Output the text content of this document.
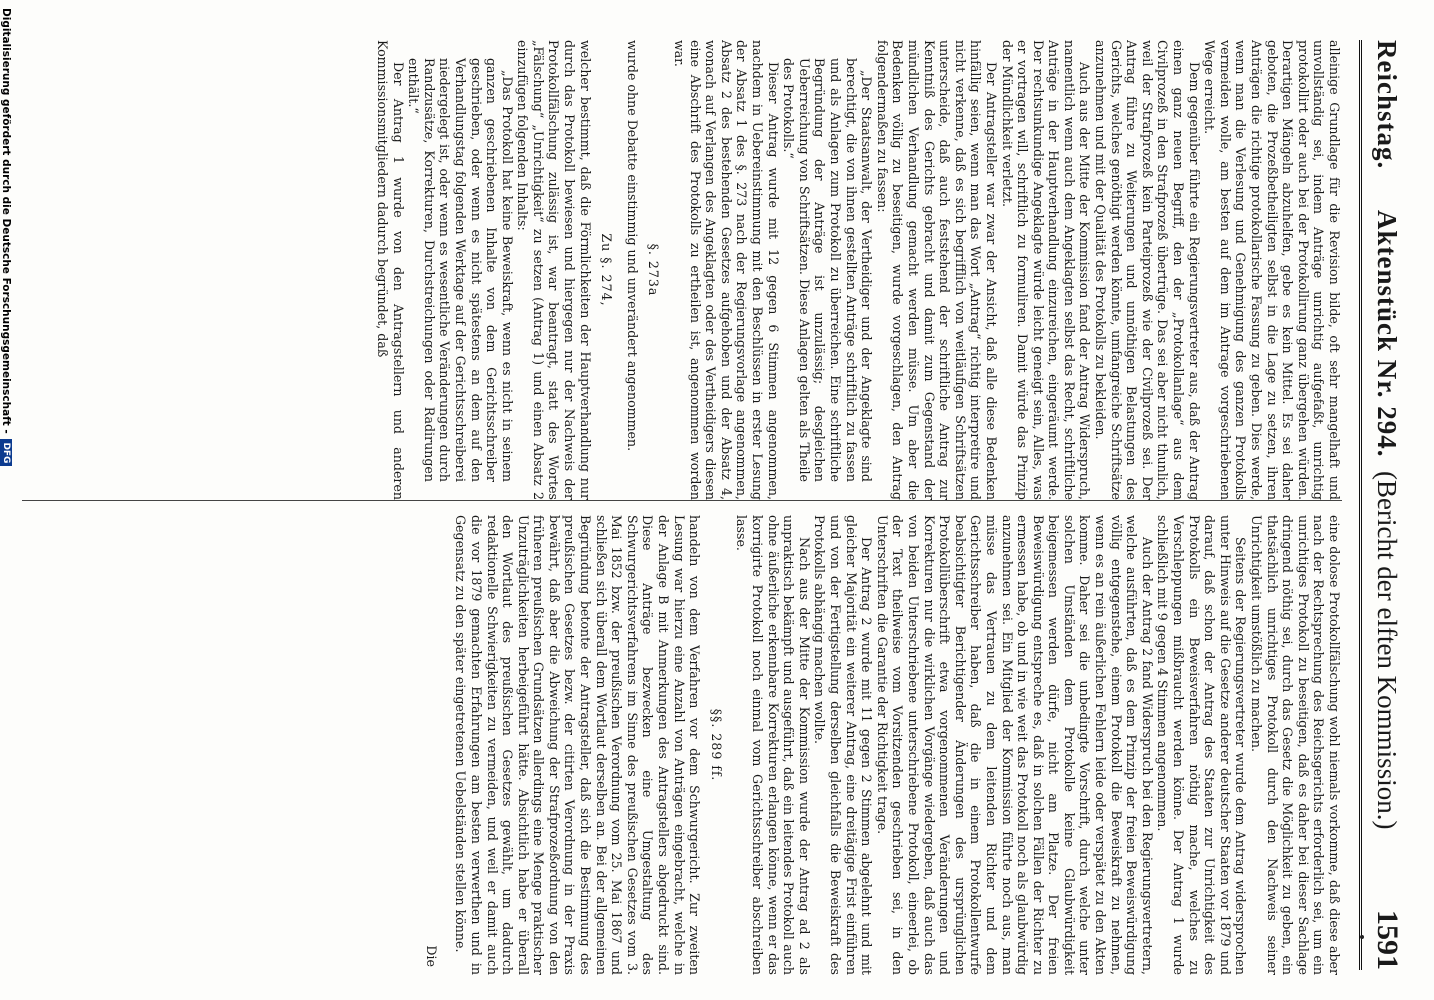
Reichstag.
Aktenstück Nr. 294.  (Bericht der elften Kommission.)
1591

alleinige Grundlage für die Revision bilde, oft sehr mangelhaft und unvollständig sei, indem Anträge unrichtig aufgefaßt, unrichtig protokollirt oder auch bei der Protokollirung ganz übergehen würden. Derartigen Mängeln abzuhelfen, gebe es kein Mittel. Es sei daher geboten, die Prozeßbetheiligten selbst in die Lage zu setzen, ihren Anträgen die richtige protokollarische Fassung zu geben. Dies werde, wenn man die Verlesung und Genehmigung des ganzen Protokolls vermeiden wolle, am besten auf dem im Antrage vorgeschriebenen Wege erreicht.

Dem gegenüber führte ein Regierungsvertreter aus, daß der Antrag einen ganz neuen Begriff, den der „Protokollanlage“ aus dem Civilprozeß in den Strafprozeß übertrüge. Das sei aber nicht thunlich, weil der Strafprozeß kein Parteiprozeß wie der Civilprozeß sei. Der Antrag führe zu Weiterungen und unnöthigen Belastungen des Gerichts, welches genöthigt werden könnte, umfangreiche Schriftsätze anzunehmen und mit der Qualität des Protokolls zu bekleiden.

Auch aus der Mitte der Kommission fand der Antrag Widerspruch, namentlich wenn auch dem Angeklagten selbst das Recht, schriftliche Anträge in der Hauptverhandlung einzureichen, eingeräumt werde. Der rechtsunkundige Angeklagte würde leicht geneigt sein, Alles, was er vortragen will, schriftlich zu formuliren. Damit würde das Prinzip der Mündlichkeit verletzt.

Der Antragsteller war zwar der Ansicht, daß alle diese Bedenken hinfällig seien, wenn man das Wort „Antrag“ richtig interpretire und nicht verkenne, daß es sich begrifflich von weitläufigen Schriftsätzen unterscheide, daß auch feststehend der schriftliche Antrag zur Kenntniß des Gerichts gebracht und damit zum Gegenstand der mündlichen Verhandlung gemacht werden müsse. Um aber die Bedenken völlig zu beseitigen, wurde vorgeschlagen, den Antrag folgendermaßen zu fassen:

„Der Staatsanwalt, der Vertheidiger und der Angeklagte sind berechtigt, die von ihnen gestellten Anträge schriftlich zu fassen und als Anlagen zum Protokoll zu überreichen. Eine schriftliche Begründung der Anträge ist unzulässig; desgleichen Ueberreichung von Schriftsätzen. Diese Anlagen gelten als Theile des Protokolls.“

Dieser Antrag wurde mit 12 gegen 6 Stimmen angenommen, nachdem in Uebereinstimmung mit den Beschlüssen in erster Lesung der Absatz 1 des §. 273 nach der Regierungsvorlage angenommen, Absatz 2 des bestehenden Gesetzes aufgehoben und der Absatz 4, wonach auf Verlangen des Angeklagten oder des Vertheidigers diesen eine Abschrift des Protokolls zu ertheilen ist, angenommen worden war.

§. 273a

wurde ohne Debatte einstimmig und unverändert angenommen.

Zu §. 274,

welcher bestimmt, daß die Förmlichkeiten der Hauptverhandlung nur durch das Protokoll bewiesen und hiergegen nur der Nachweis der Protokollfälschung zulässig ist, war beantragt, statt des Wortes „Fälschung“ „Unrichtigkeit“ zu setzen (Antrag 1) und einen Absatz 2 einzufügen folgenden Inhalts:

„Das Protokoll hat keine Beweiskraft, wenn es nicht in seinem ganzen geschriebenen Inhalte von dem Gerichtsschreiber geschrieben, oder wenn es nicht spätestens an dem auf den Verhandlungstag folgenden Werktage auf der Gerichtsschreiberei niedergelegt ist, oder wenn es wesentliche Veränderungen durch Randzusätze, Korrekturen, Durchstreichungen oder Radirungen enthält.“

Der Antrag 1 wurde von den Antragstellern und anderen Kommissionsmitgliedern dadurch begründet, daß

eine dolose Protokollfälschung wohl niemals vorkomme, daß diese aber nach der Rechtsprechung des Reichsgerichts erforderlich sei, um ein unrichtiges Protokoll zu beseitigen, daß es daher bei dieser Sachlage dringend nöthig sei, durch das Gesetz die Möglichkeit zu geben, ein thatsächlich unrichtiges Protokoll durch den Nachweis seiner Unrichtigkeit umstößlich zu machen.

Seitens der Regierungsvertreter wurde dem Antrag widersprochen unter Hinweis auf die Gesetze anderer deutscher Staaten vor 1879 und darauf, daß schon der Antrag des Staaten zur Unrichtigkeit des Protokolls ein Beweisverfahren nöthig mache, welches zu Verschleppungen mißbraucht werden könne. Der Antrag 1 wurde schließlich mit 9 gegen 4 Stimmen angenommen.

Auch der Antrag 2 fand Widerspruch bei den Regierungsvertretern, welche ausführten, daß es dem Prinzip der freien Beweiswürdigung völlig entgegenstehe, einem Protokoll die Beweiskraft zu nehmen, wenn es an rein äußerlichen Fehlern leide oder verspätet zu den Akten komme. Daher sei die unbedingte Vorschrift, durch welche unter solchen Umständen dem Protokolle keine Glaubwürdigkeit beigemessen werden dürfe, nicht am Platze. Der freien Beweiswürdigung entspreche es, daß in solchen Fällen der Richter zu ermessen habe, ob und in wie weit das Protokoll noch als glaubwürdig anzunehmen sei. Ein Mitglied der Kommission führte noch aus, man müsse das Vertrauen zu dem leitenden Richter und dem Gerichtsschreiber haben, daß die in einem Protokollentwurfe beabsichtigter Berichtigender Änderungen des ursprünglichen Protokollüberschrift etwa vorgenommenen Veränderungen und Korrekturen nur die wirklichen Vorgänge wiedergeben, daß auch das von beiden Unterschriebene unterschriebene Protokoll, eineerlei, ob der Text theilweise vom Vorsitzenden geschrieben sei, in den Unterschriften die Garantie der Richtigkeit trage.

Der Antrag 2 wurde mit 11 gegen 2 Stimmen abgelehnt und mit gleicher Majorität ein weiterer Antrag, eine dreitägige Frist einführen und von der Fertigstellung derselben gleichfalls die Beweiskraft des Protokolls abhängig machen wollte.

Nach aus der Mitte der Kommission wurde der Antrag ad 2 als unpraktisch bekämpft und ausgeführt, daß ein leitendes Protokoll auch ohne äußerliche erkennbare Korrekturen erlangen könne, wenn er das korrigirte Protokoll noch einmal vom Gerichtsschreiber abschreiben lasse.

§§. 289 ff.

handeln von dem Verfahren vor dem Schwurgericht. Zur zweiten Lesung war hierzu eine Anzahl von Anträgen eingebracht, welche in der Anlage B mit Anmerkungen des Antragstellers abgedruckt sind. Diese Anträge bezwecken eine Umgestaltung des Schwurgerichtsverfahrens im Sinne des preußischen Gesetzes vom 3. Mai 1852 bzw. der preußischen Verordnung vom 25. Mai 1867 und schließen sich überall dem Wortlaut derselben an. Bei der allgemeinen Begründung betonte der Antragsteller, daß sich die Bestimmung des preußischen Gesetzes bezw. der citirten Verordnung in der Praxis bewährt, daß aber die Abweichung der Strafprozeßordnung von den früheren preußischen Grundsätzen allerdings eine Menge praktischer Unzuträglichkeiten herbeigeführt hätte. Absichtlich habe er überall den Wortlaut des preußischen Gesetzes gewählt, um dadurch redaktionelle Schwierigkeiten zu vermeiden, und weil er damit auch die vor 1879 gemachten Erfahrungen am besten verwerthen und in Gegensatz zu den später eingetretenen Uebelständen stellen könne.

Die
Digitalisierung gefördert durch die Deutsche Forschungsgemeinschaft - DFG
